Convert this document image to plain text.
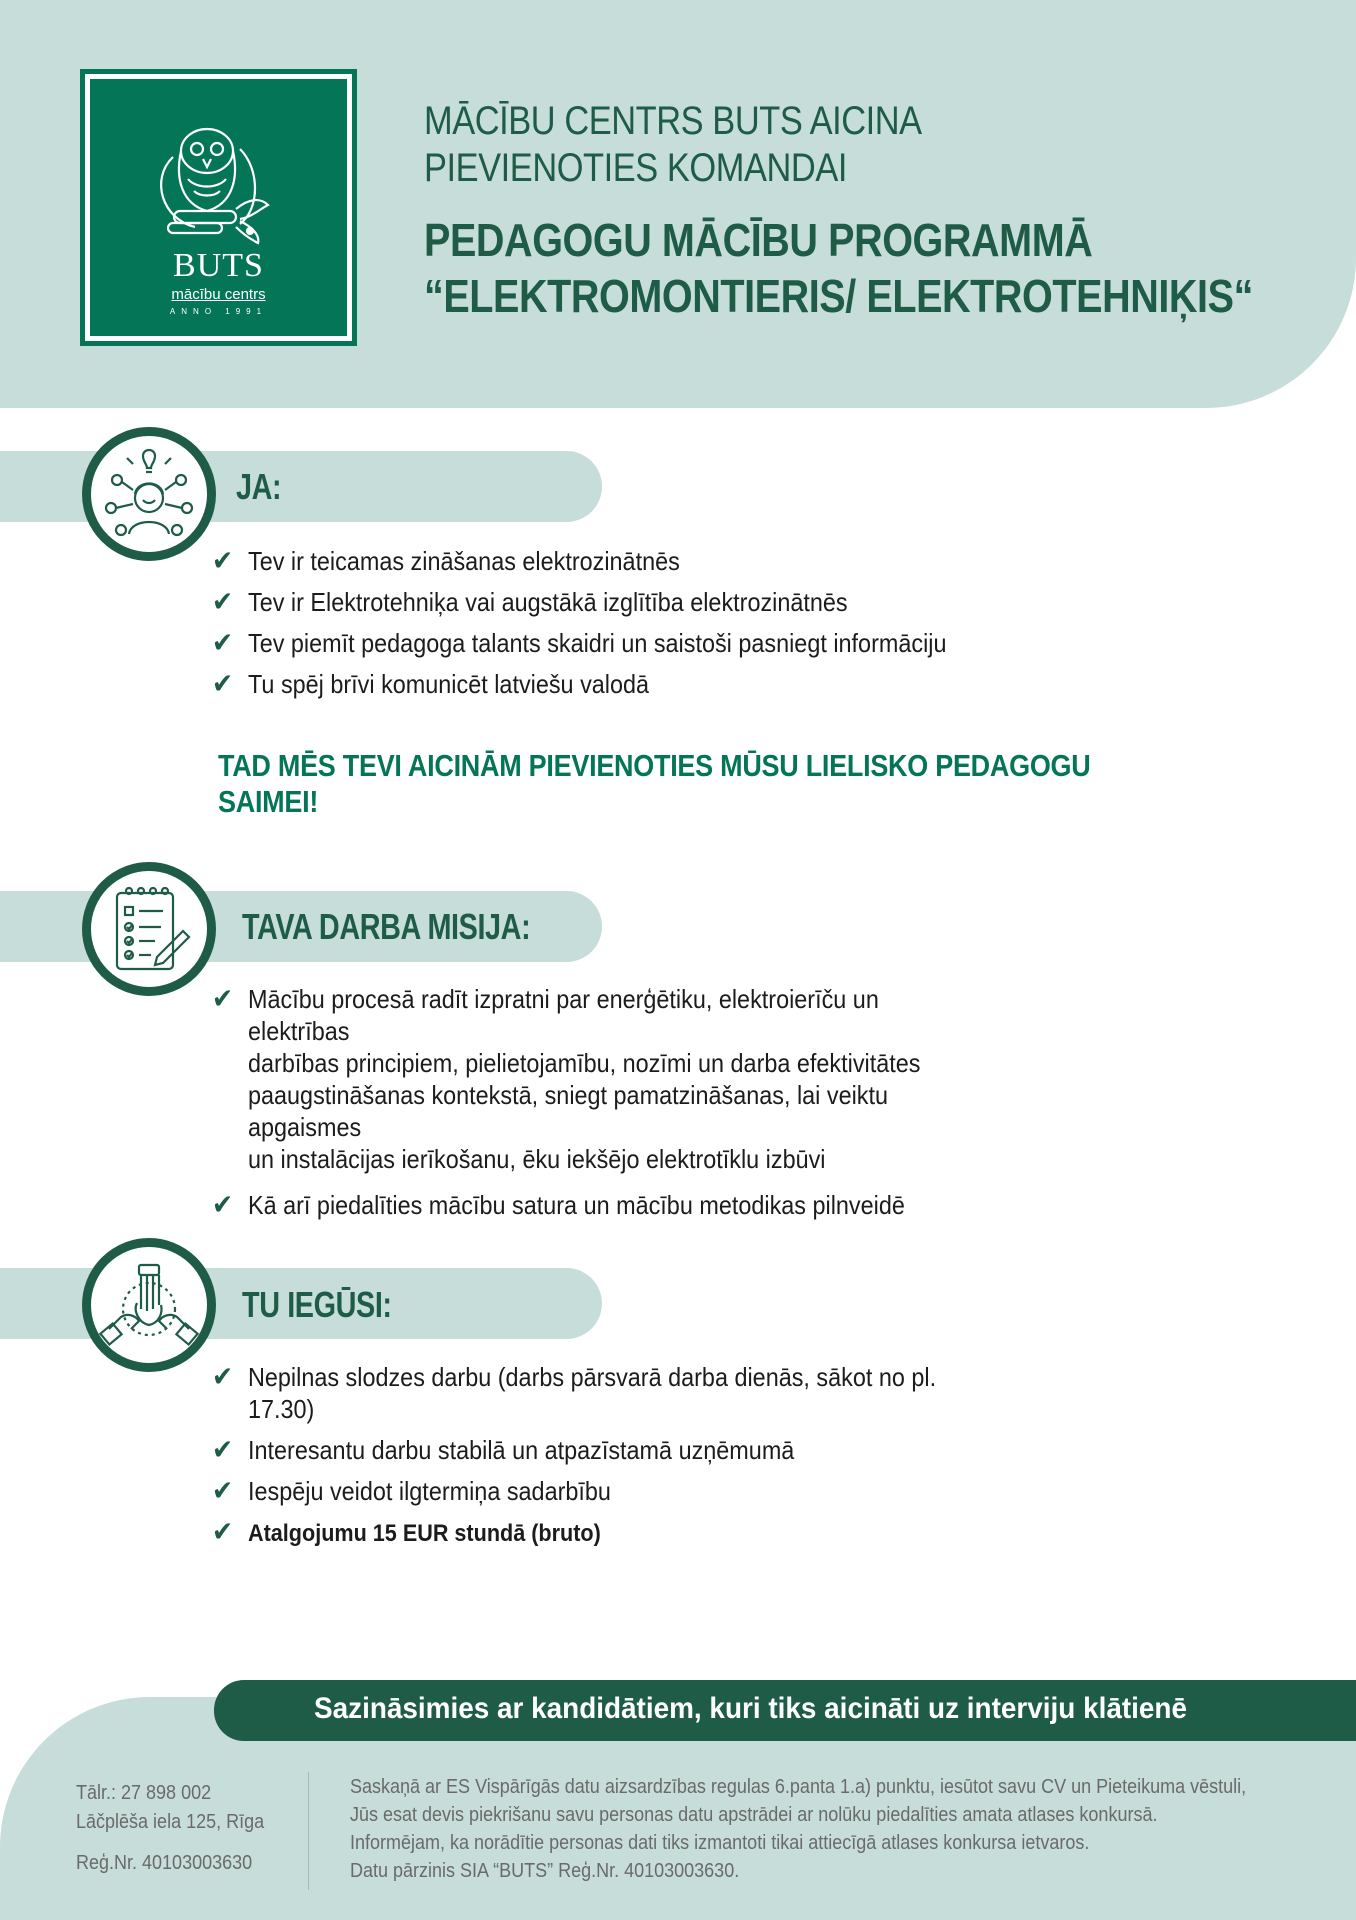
BUTS
mācību centrs
ANNO 1991
MĀCĪBU CENTRS BUTS AICINA
PIEVIENOTIES KOMANDAI
PEDAGOGU MĀCĪBU PROGRAMMĀ
“ELEKTROMONTIERIS/ ELEKTROTEHNIĶIS“
JA:
✔ Tev ir teicamas zināšanas elektrozinātnēs
✔ Tev ir Elektrotehniķa vai augstākā izglītība elektrozinātnēs
✔ Tev piemīt pedagoga talants skaidri un saistoši pasniegt informāciju
✔ Tu spēj brīvi komunicēt latviešu valodā
TAD MĒS TEVI AICINĀM PIEVIENOTIES MŪSU LIELISKO PEDAGOGU SAIMEI!
TAVA DARBA MISIJA:
✔ Mācību procesā radīt izpratni par enerģētiku, elektroierīču un elektrības
darbības principiem, pielietojamību, nozīmi un darba efektivitātes
paaugstināšanas kontekstā, sniegt pamatzināšanas, lai veiktu apgaismes
un instalācijas ierīkošanu, ēku iekšējo elektrotīklu izbūvi
✔ Kā arī piedalīties mācību satura un mācību metodikas pilnveidē
TU IEGŪSI:
✔ Nepilnas slodzes darbu (darbs pārsvarā darba dienās, sākot no pl. 17.30)
✔ Interesantu darbu stabilā un atpazīstamā uzņēmumā
✔ Iespēju veidot ilgtermiņa sadarbību
✔ Atalgojumu 15 EUR stundā (bruto)
Sazināsimies ar kandidātiem, kuri tiks aicināti uz interviju klātienē
Tālr.: 27 898 002
Lāčplēša iela 125, Rīga
Reģ.Nr. 40103003630
Saskaņā ar ES Vispārīgās datu aizsardzības regulas 6.panta 1.a) punktu, iesūtot savu CV un Pieteikuma vēstuli,
Jūs esat devis piekrišanu savu personas datu apstrādei ar nolūku piedalīties amata atlases konkursā.
Informējam, ka norādītie personas dati tiks izmantoti tikai attiecīgā atlases konkursa ietvaros.
Datu pārzinis SIA “BUTS” Reģ.Nr. 40103003630.
